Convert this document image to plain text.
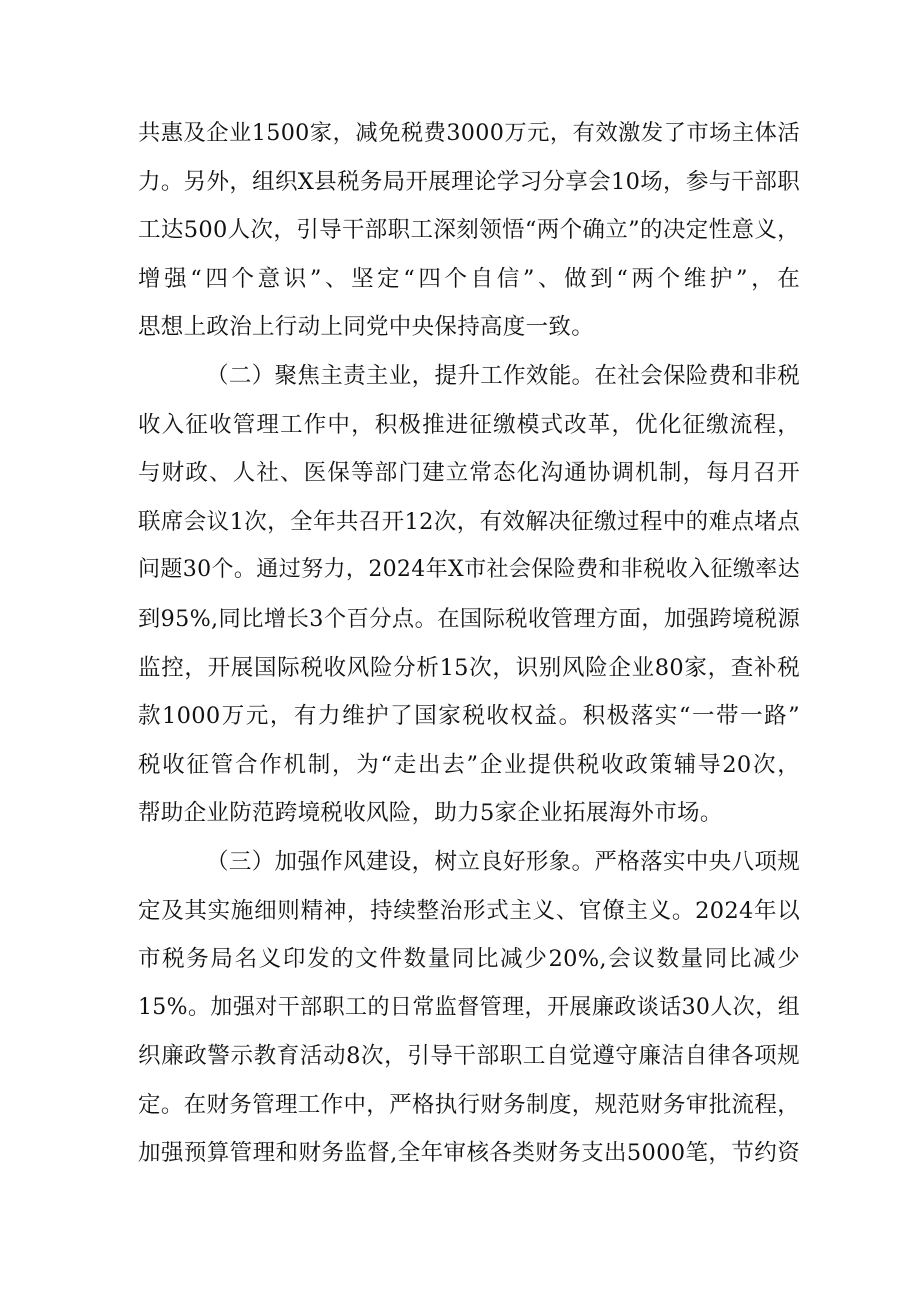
共惠及企业1500家，减免税费3000万元，有效激发了市场主体活
力。另外，组织X县税务局开展理论学习分享会10场，参与干部职
工达500人次，引导干部职工深刻领悟“两个确立”的决定性意义，
增强“四个意识”、坚定“四个自信”、做到“两个维护”，在
思想上政治上行动上同党中央保持高度一致。
（二）聚焦主责主业，提升工作效能。在社会保险费和非税
收入征收管理工作中，积极推进征缴模式改革，优化征缴流程，
与财政、人社、医保等部门建立常态化沟通协调机制，每月召开
联席会议1次，全年共召开12次，有效解决征缴过程中的难点堵点
问题30个。通过努力，2024年X市社会保险费和非税收入征缴率达
到95%,同比增长3个百分点。在国际税收管理方面，加强跨境税源
监控，开展国际税收风险分析15次，识别风险企业80家，查补税
款1000万元，有力维护了国家税收权益。积极落实“一带一路”
税收征管合作机制，为“走出去”企业提供税收政策辅导20次，
帮助企业防范跨境税收风险，助力5家企业拓展海外市场。
（三）加强作风建设，树立良好形象。严格落实中央八项规
定及其实施细则精神，持续整治形式主义、官僚主义。2024年以
市税务局名义印发的文件数量同比减少20%,会议数量同比减少
15%。加强对干部职工的日常监督管理，开展廉政谈话30人次，组
织廉政警示教育活动8次，引导干部职工自觉遵守廉洁自律各项规
定。在财务管理工作中，严格执行财务制度，规范财务审批流程，
加强预算管理和财务监督,全年审核各类财务支出5000笔，节约资
